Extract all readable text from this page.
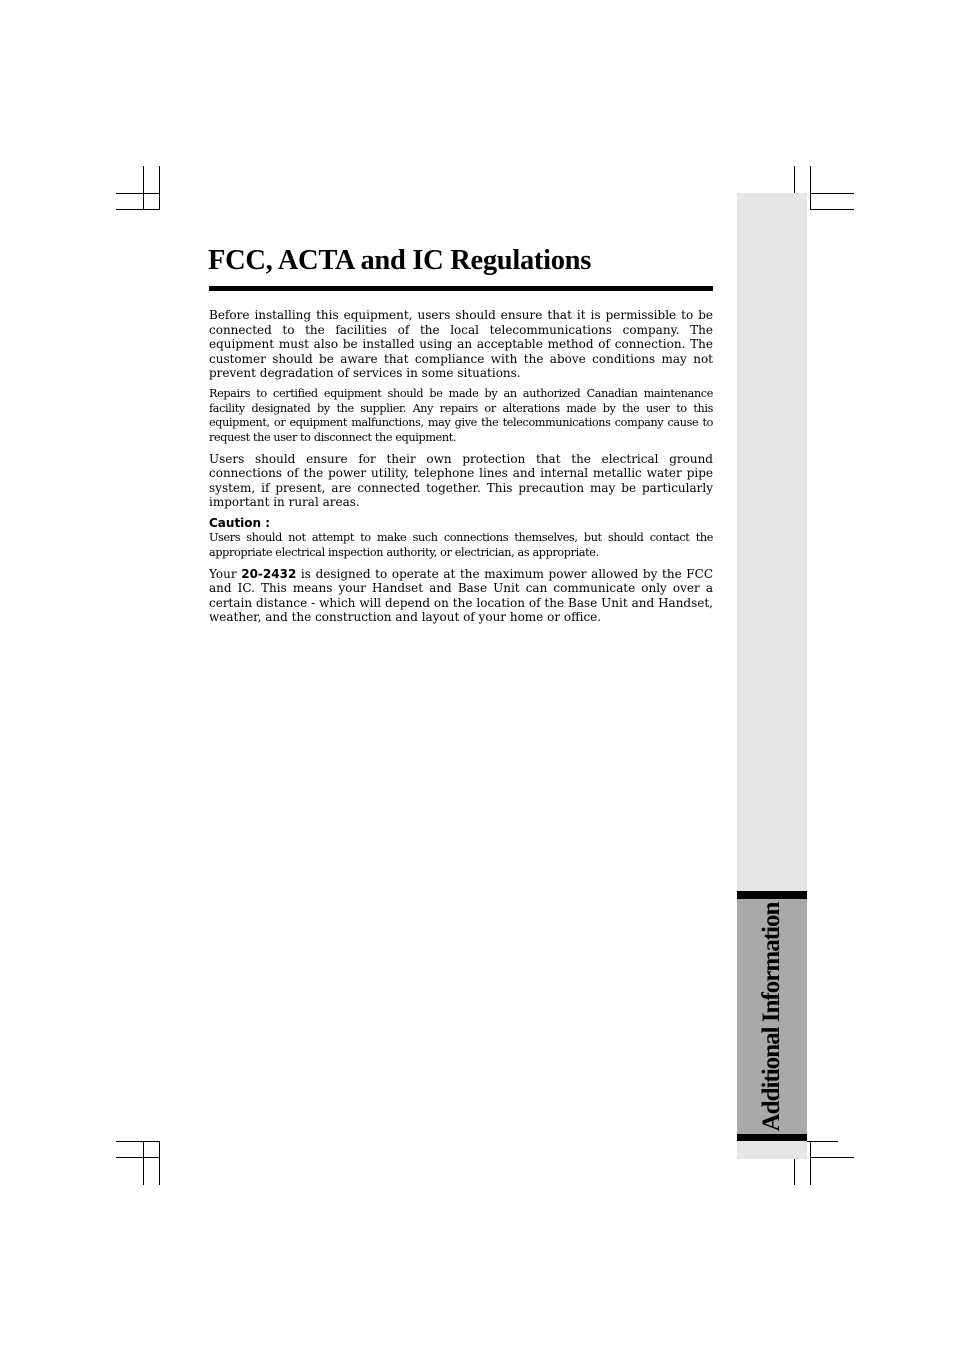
Additional Information
FCC, ACTA and IC Regulations

Before installing this equipment, users should ensure that it is permissible to be connected to the facilities of the local telecommunications company. The equipment must also be installed using an acceptable method of connection. The customer should be aware that compliance with the above conditions may not prevent degradation of services in some situations.

Repairs to certified equipment should be made by an authorized Canadian maintenance facility designated by the supplier. Any repairs or alterations made by the user to this equipment, or equipment malfunctions, may give the telecommunications company cause to request the user to disconnect the equipment.

Users should ensure for their own protection that the electrical ground connections of the power utility, telephone lines and internal metallic water pipe system, if present, are connected together. This precaution may be particularly important in rural areas.

Caution :

Users should not attempt to make such connections themselves, but should contact the appropriate electrical inspection authority, or electrician, as appropriate.

Your 20-2432 is designed to operate at the maximum power allowed by the FCC and IC. This means your Handset and Base Unit can communicate only over a certain distance - which will depend on the location of the Base Unit and Handset, weather, and the construction and layout of your home or office.
